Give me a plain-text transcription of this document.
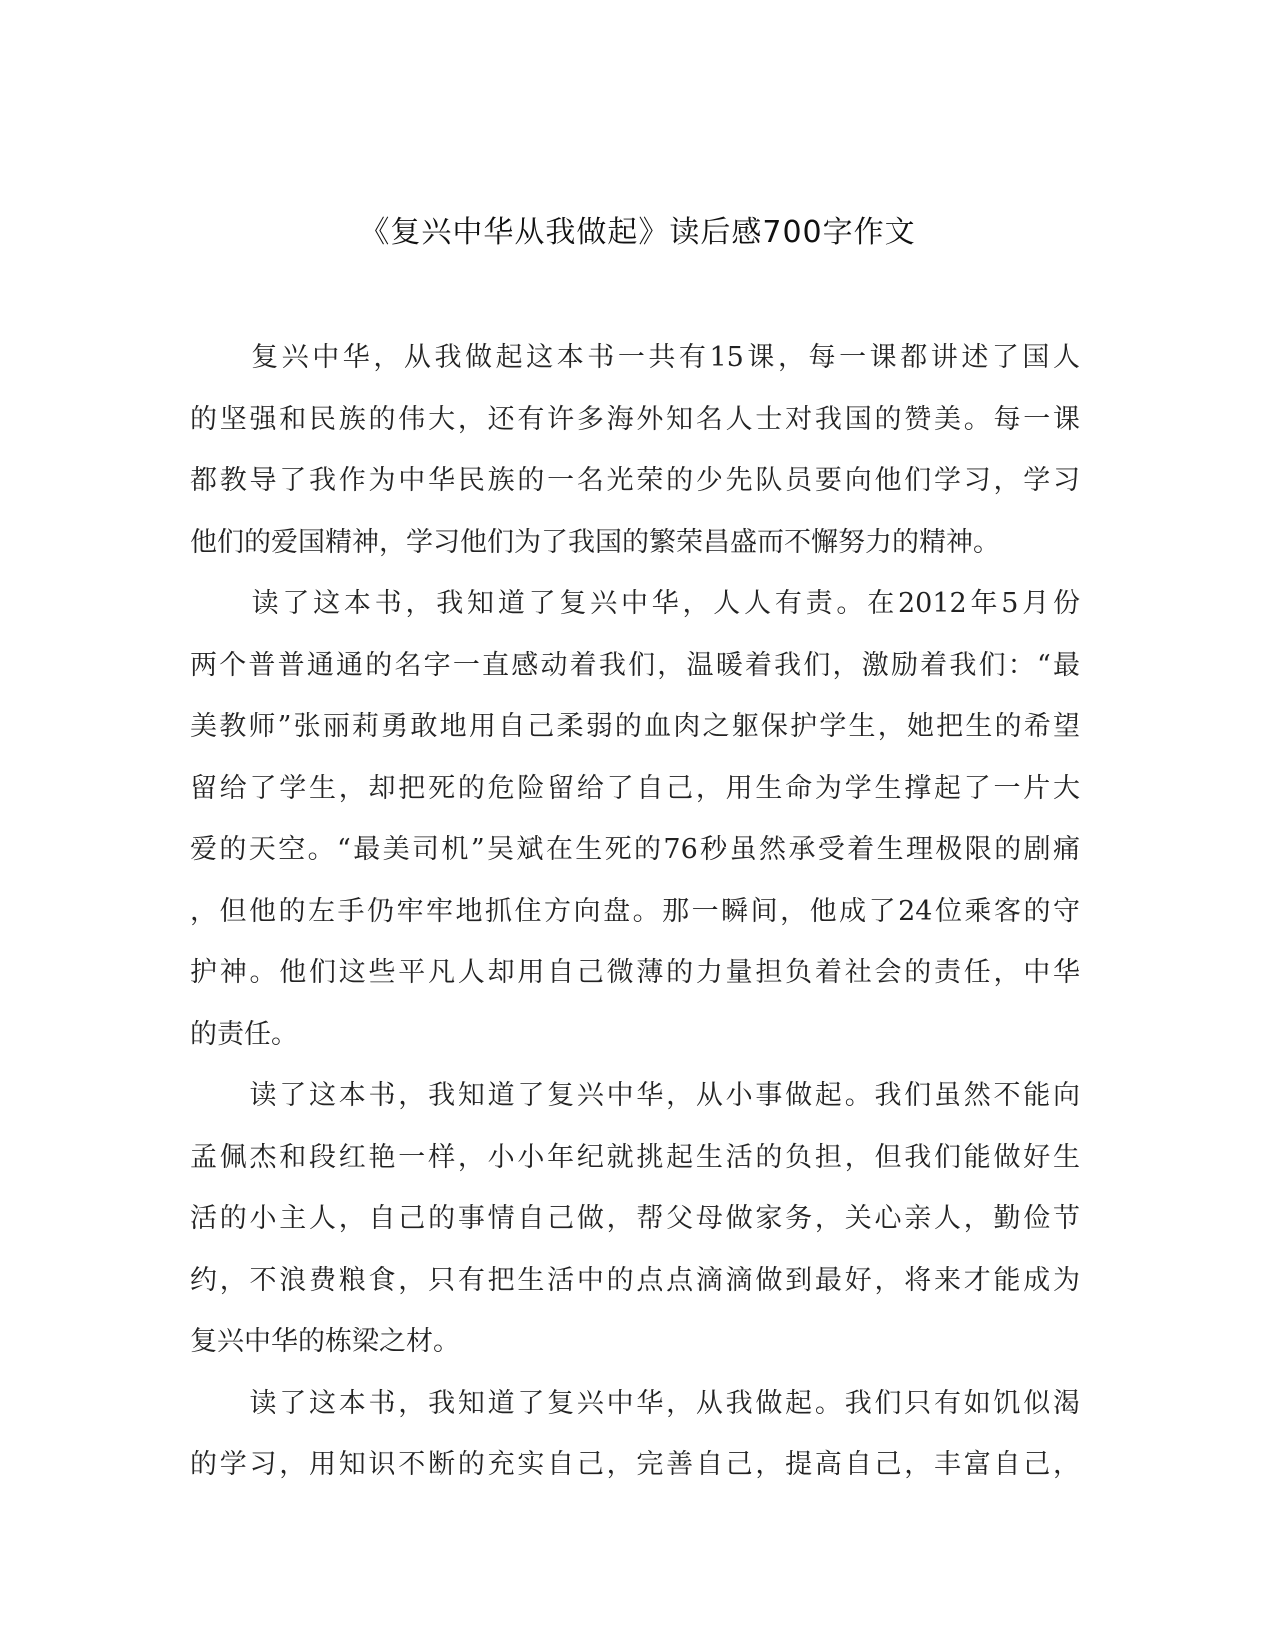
《复兴中华从我做起》读后感700字作文
　　复兴中华，从我做起这本书一共有15课，每一课都讲述了国人
的坚强和民族的伟大，还有许多海外知名人士对我国的赞美。每一课
都教导了我作为中华民族的一名光荣的少先队员要向他们学习，学习
他们的爱国精神，学习他们为了我国的繁荣昌盛而不懈努力的精神。
　　读了这本书，我知道了复兴中华，人人有责。在2012年5月份
两个普普通通的名字一直感动着我们，温暖着我们，激励着我们：“最
美教师”张丽莉勇敢地用自己柔弱的血肉之躯保护学生，她把生的希望
留给了学生，却把死的危险留给了自己，用生命为学生撑起了一片大
爱的天空。“最美司机”吴斌在生死的76秒虽然承受着生理极限的剧痛
，但他的左手仍牢牢地抓住方向盘。那一瞬间，他成了24位乘客的守
护神。他们这些平凡人却用自己微薄的力量担负着社会的责任，中华
的责任。
　　读了这本书，我知道了复兴中华，从小事做起。我们虽然不能向
孟佩杰和段红艳一样，小小年纪就挑起生活的负担，但我们能做好生
活的小主人，自己的事情自己做，帮父母做家务，关心亲人，勤俭节
约，不浪费粮食，只有把生活中的点点滴滴做到最好，将来才能成为
复兴中华的栋梁之材。
　　读了这本书，我知道了复兴中华，从我做起。我们只有如饥似渴
的学习，用知识不断的充实自己，完善自己，提高自己，丰富自己，
